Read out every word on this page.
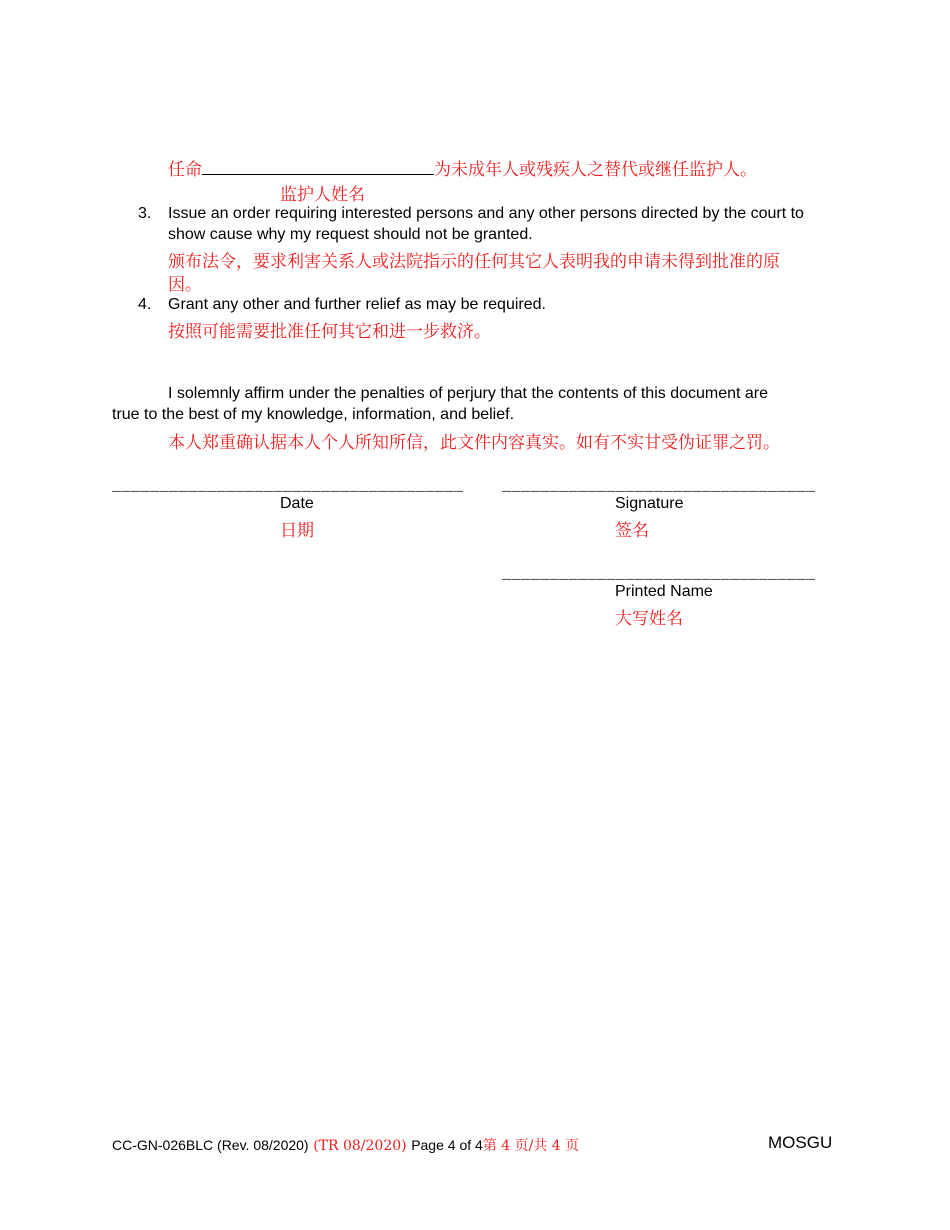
任命	为未成年人或残疾人之替代或继任监护人。
监护人姓名
3. Issue an order requiring interested persons and any other persons directed by the court to
show cause why my request should not be granted.
颁布法令，要求利害关系人或法院指示的任何其它人表明我的申请未得到批准的原
因。
4. Grant any other and further relief as may be required.
按照可能需要批准任何其它和进一步救济。
I solemnly affirm under the penalties of perjury that the contents of this document are
true to the best of my knowledge, information, and belief.
本人郑重确认据本人个人所知所信，此文件内容真实。如有不实甘受伪证罪之罚。
_____________________________________
Date
日期
_________________________________
Signature
签名
_________________________________
Printed Name
大写姓名
CC-GN-026BLC (Rev. 08/2020) (TR 08/2020) Page 4 of 4第 4 页/共 4 页	MOSGU
